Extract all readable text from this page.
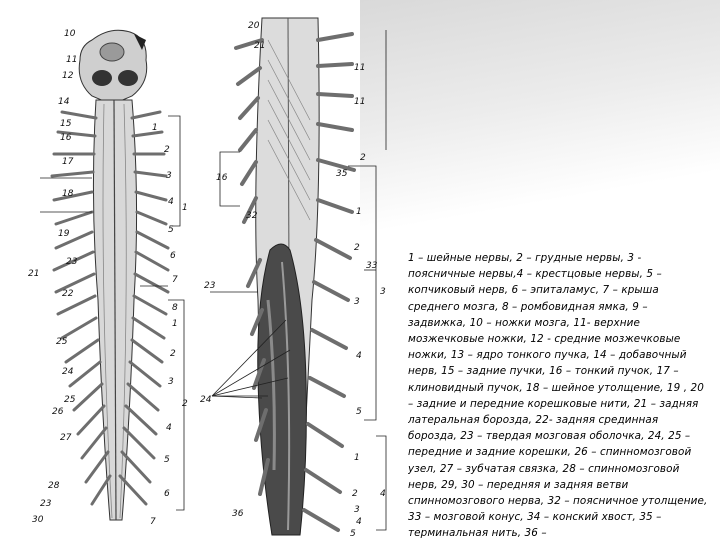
10
11
12
14
15
16
17
18
19
21
23
22
25
24
25
26
27
28
23
30
1
2
3
4
5
6
7
8
1
2
3
4
5
6
7
1
2
20
21
11
11
2
1
16
32
23
24
35
33
3
2
3
4
5
1
2
3
4
5
36
4
1 – шейные нервы, 2 – грудные нервы, 3 - поясничные нервы,4 – крестцовые нервы, 5 – копчиковый нерв, 6 – эпиталамус, 7 – крыша среднего мозга, 8 – ромбовидная ямка, 9 – задвижка, 10 – ножки мозга, 11- верхние мозжечковые ножки, 12 - средние мозжечковые ножки, 13 – ядро тонкого пучка, 14 – добавочный нерв, 15 – задние пучки, 16 – тонкий пучок, 17 – клиновидный пучок, 18 – шейное утолщение, 19 , 20 – задние и передние корешковые нити, 21 – задняя латеральная борозда, 22- задняя срединная борозда, 23 – твердая мозговая оболочка, 24, 25 – передние и задние корешки, 26 – спинномозговой узел, 27 – зубчатая связка, 28 – спинномозговой нерв, 29, 30 – передняя и задняя ветви спинномозгового нерва, 32 – поясничное утолщение, 33 – мозговой конус, 34 – конский хвост, 35 – терминальная нить, 36 –
